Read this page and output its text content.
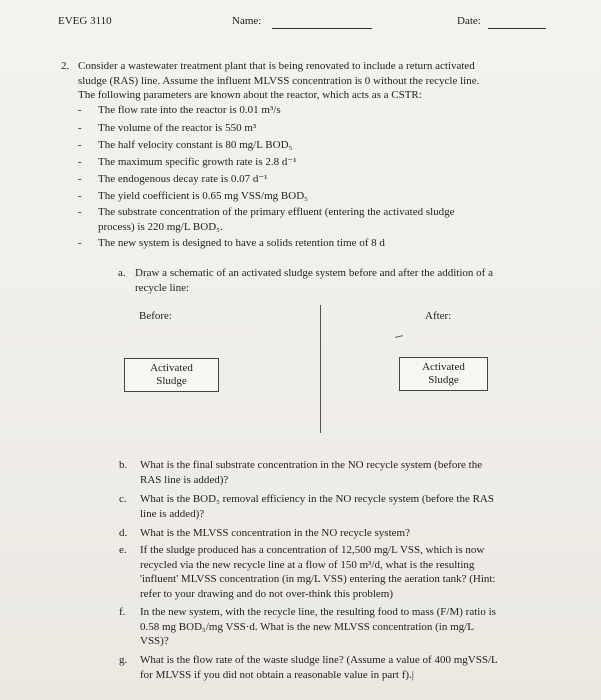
EVEG 3110	Name:	Date:
2. Consider a wastewater treatment plant that is being renovated to include a return activated
sludge (RAS) line. Assume the influent MLVSS concentration is 0 without the recycle line.
The following parameters are known about the reactor, which acts as a CSTR:
- The flow rate into the reactor is 0.01 m³/s
- The volume of the reactor is 550 m³
- The half velocity constant is 80 mg/L BOD₅
- The maximum specific growth rate is 2.8 d⁻¹
- The endogenous decay rate is 0.07 d⁻¹
- The yield coefficient is 0.65 mg VSS/mg BOD₅
- The substrate concentration of the primary effluent (entering the activated sludge
process) is 220 mg/L BOD₅.
- The new system is designed to have a solids retention time of 8 d
a. Draw a schematic of an activated sludge system before and after the addition of a
recycle line:
Before:	After:
Activated
Sludge
Activated
Sludge
b.	What is the final substrate concentration in the NO recycle system (before the
RAS line is added)?
c.	What is the BOD₅ removal efficiency in the NO recycle system (before the RAS
line is added)?
d.	What is the MLVSS concentration in the NO recycle system?
e.	If the sludge produced has a concentration of 12,500 mg/L VSS, which is now
recycled via the new recycle line at a flow of 150 m³/d, what is the resulting
'influent' MLVSS concentration (in mg/L VSS) entering the aeration tank? (Hint:
refer to your drawing and do not over-think this problem)
f.	In the new system, with the recycle line, the resulting food to mass (F/M) ratio is
0.58 mg BOD₅/mg VSS·d. What is the new MLVSS concentration (in mg/L
VSS)?
g.	What is the flow rate of the waste sludge line? (Assume a value of 400 mgVSS/L
for MLVSS if you did not obtain a reasonable value in part f).|
